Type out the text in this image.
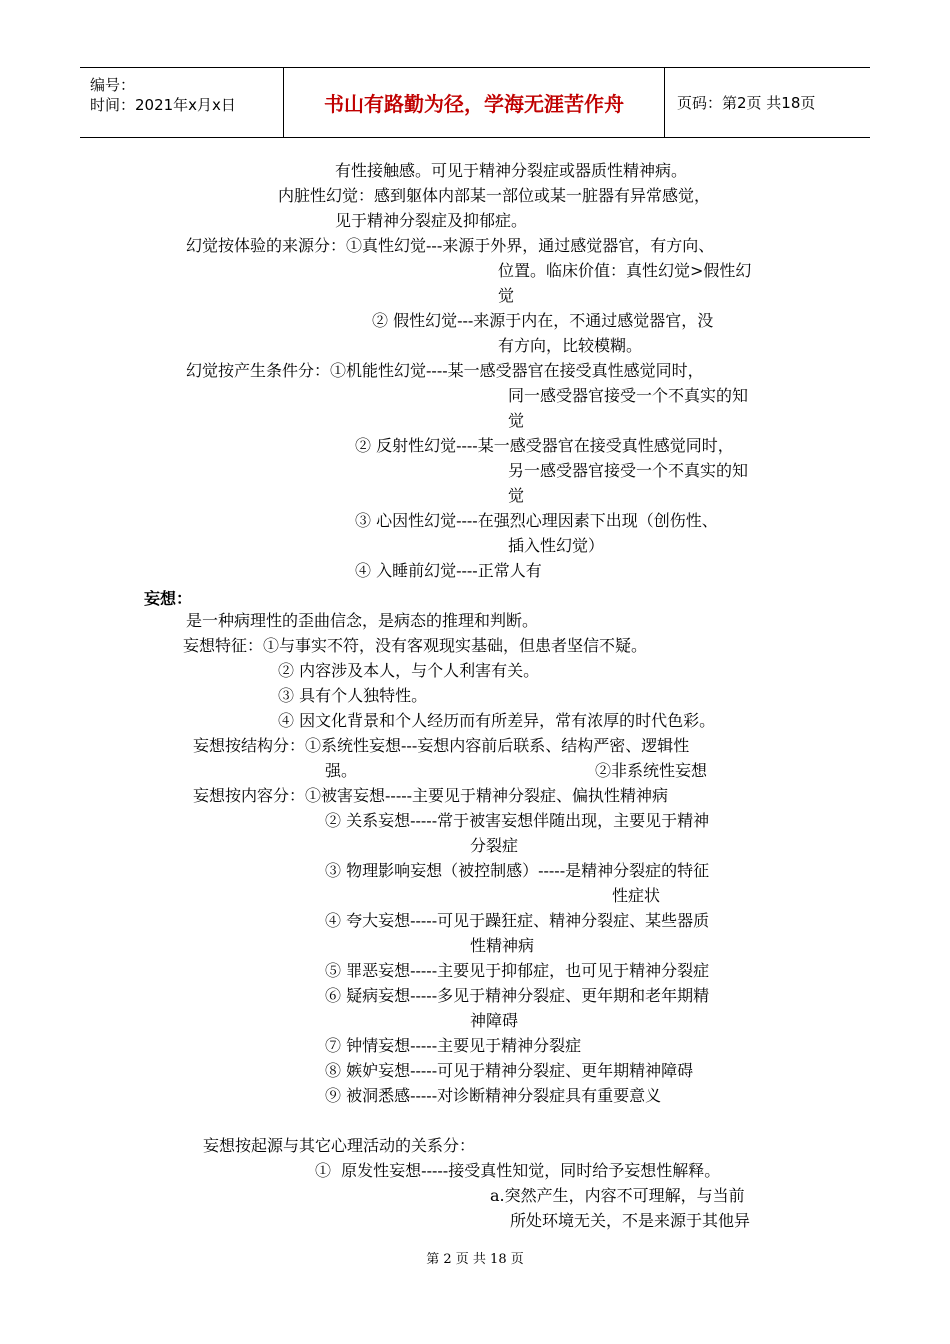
编号：
时间：2021年x月x日	书山有路勤为径，学海无涯苦作舟	页码：第2页 共18页
有性接触感。可见于精神分裂症或器质性精神病。
内脏性幻觉：感到躯体内部某一部位或某一脏器有异常感觉，
见于精神分裂症及抑郁症。
幻觉按体验的来源分：①真性幻觉---来源于外界，通过感觉器官，有方向、
位置。临床价值：真性幻觉>假性幻
觉
② 假性幻觉---来源于内在，不通过感觉器官，没
有方向，比较模糊。
幻觉按产生条件分：①机能性幻觉----某一感受器官在接受真性感觉同时，
同一感受器官接受一个不真实的知
觉
② 反射性幻觉----某一感受器官在接受真性感觉同时，
另一感受器官接受一个不真实的知
觉
③ 心因性幻觉----在强烈心理因素下出现（创伤性、
插入性幻觉）
④ 入睡前幻觉----正常人有
妄想：
是一种病理性的歪曲信念，是病态的推理和判断。
妄想特征：①与事实不符，没有客观现实基础，但患者坚信不疑。
② 内容涉及本人，与个人利害有关。
③ 具有个人独特性。
④ 因文化背景和个人经历而有所差异，常有浓厚的时代色彩。
妄想按结构分：①系统性妄想---妄想内容前后联系、结构严密、逻辑性
强。	②非系统性妄想
妄想按内容分：①被害妄想-----主要见于精神分裂症、偏执性精神病
② 关系妄想-----常于被害妄想伴随出现，主要见于精神
分裂症
③ 物理影响妄想（被控制感）-----是精神分裂症的特征
性症状
④ 夸大妄想-----可见于躁狂症、精神分裂症、某些器质
性精神病
⑤ 罪恶妄想-----主要见于抑郁症，也可见于精神分裂症
⑥ 疑病妄想-----多见于精神分裂症、更年期和老年期精
神障碍
⑦ 钟情妄想-----主要见于精神分裂症
⑧ 嫉妒妄想-----可见于精神分裂症、更年期精神障碍
⑨ 被洞悉感-----对诊断精神分裂症具有重要意义
妄想按起源与其它心理活动的关系分：
①  原发性妄想-----接受真性知觉，同时给予妄想性解释。
a.突然产生，内容不可理解，与当前
所处环境无关，不是来源于其他异
第 2 页 共 18 页
